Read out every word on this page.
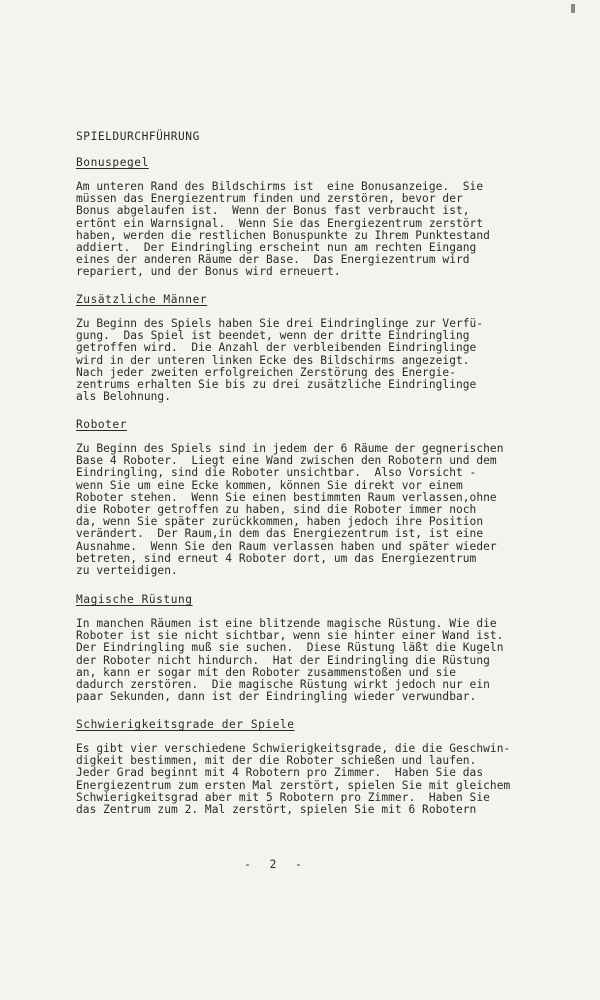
SPIELDURCHFÜHRUNG
Bonuspegel

Am unteren Rand des Bildschirms ist  eine Bonusanzeige.  Sie

müssen das Energiezentrum finden und zerstören, bevor der

Bonus abgelaufen ist.  Wenn der Bonus fast verbraucht ist,

ertönt ein Warnsignal.  Wenn Sie das Energiezentrum zerstört

haben, werden die restlichen Bonuspunkte zu Ihrem Punktestand

addiert.  Der Eindringling erscheint nun am rechten Eingang

eines der anderen Räume der Base.  Das Energiezentrum wird

repariert, und der Bonus wird erneuert.

Zusätzliche Männer

Zu Beginn des Spiels haben Sie drei Eindringlinge zur Verfü-

gung.  Das Spiel ist beendet, wenn der dritte Eindringling

getroffen wird.  Die Anzahl der verbleibenden Eindringlinge

wird in der unteren linken Ecke des Bildschirms angezeigt.

Nach jeder zweiten erfolgreichen Zerstörung des Energie-

zentrums erhalten Sie bis zu drei zusätzliche Eindringlinge

als Belohnung.

Roboter

Zu Beginn des Spiels sind in jedem der 6 Räume der gegnerischen

Base 4 Roboter.  Liegt eine Wand zwischen den Robotern und dem

Eindringling, sind die Roboter unsichtbar.  Also Vorsicht -

wenn Sie um eine Ecke kommen, können Sie direkt vor einem

Roboter stehen.  Wenn Sie einen bestimmten Raum verlassen,ohne

die Roboter getroffen zu haben, sind die Roboter immer noch

da, wenn Sie später zurückkommen, haben jedoch ihre Position

verändert.  Der Raum,in dem das Energiezentrum ist, ist eine

Ausnahme.  Wenn Sie den Raum verlassen haben und später wieder

betreten, sind erneut 4 Roboter dort, um das Energiezentrum

zu verteidigen.

Magische Rüstung

In manchen Räumen ist eine blitzende magische Rüstung. Wie die

Roboter ist sie nicht sichtbar, wenn sie hinter einer Wand ist.

Der Eindringling muß sie suchen.  Diese Rüstung läßt die Kugeln

der Roboter nicht hindurch.  Hat der Eindringling die Rüstung

an, kann er sogar mit den Roboter zusammenstoßen und sie

dadurch zerstören.  Die magische Rüstung wirkt jedoch nur ein

paar Sekunden, dann ist der Eindringling wieder verwundbar.

Schwierigkeitsgrade der Spiele

Es gibt vier verschiedene Schwierigkeitsgrade, die die Geschwin-

digkeit bestimmen, mit der die Roboter schießen und laufen.

Jeder Grad beginnt mit 4 Robotern pro Zimmer.  Haben Sie das

Energiezentrum zum ersten Mal zerstört, spielen Sie mit gleichem

Schwierigkeitsgrad aber mit 5 Robotern pro Zimmer.  Haben Sie

das Zentrum zum 2. Mal zerstört, spielen Sie mit 6 Robotern

- 2 -
